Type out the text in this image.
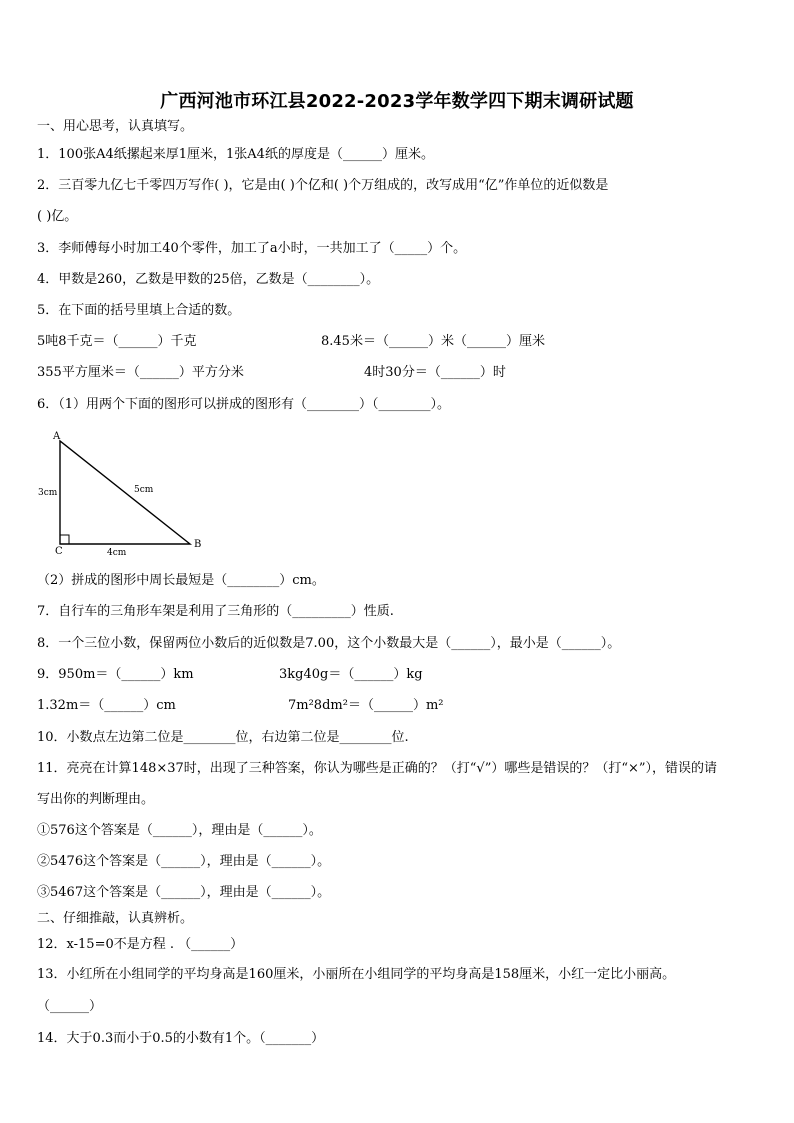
广西河池市环江县2022-2023学年数学四下期末调研试题
一、用心思考，认真填写。
1．100张A4纸摞起来厚1厘米，1张A4纸的厚度是（______）厘米。
2．三百零九亿七千零四万写作( )，它是由( )个亿和( )个万组成的，改写成用“亿”作单位的近似数是
( )亿。
3．李师傅每小时加工40个零件，加工了a小时，一共加工了（_____）个。
4．甲数是260，乙数是甲数的25倍，乙数是（________）。
5．在下面的括号里填上合适的数。
5吨8千克＝（______）千克	8.45米＝（______）米（______）厘米
355平方厘米＝（______）平方分米	4时30分＝（______）时
6．（1）用两个下面的图形可以拼成的图形有（________）（________）。
A
B
C
3cm	5cm
4cm
（2）拼成的图形中周长最短是（________）cm。
7．自行车的三角形车架是利用了三角形的（_________）性质.
8．一个三位小数，保留两位小数后的近似数是7.00，这个小数最大是（______），最小是（______）。
9．950m＝（______）km	3kg40g＝（______）kg
1.32m＝（______）cm	7m²8dm²＝（______）m²
10．小数点左边第二位是________位，右边第二位是________位.
11．亮亮在计算148×37时，出现了三种答案，你认为哪些是正确的？（打“√”）哪些是错误的？（打“×”），错误的请
写出你的判断理由。
①576这个答案是（______），理由是（______）。
②5476这个答案是（______），理由是（______）。
③5467这个答案是（______），理由是（______）。
二、仔细推敲，认真辨析。
12．x-15=0不是方程 . （______）
13．小红所在小组同学的平均身高是160厘米，小丽所在小组同学的平均身高是158厘米，小红一定比小丽高。
（______）
14．大于0.3而小于0.5的小数有1个。（_______）
